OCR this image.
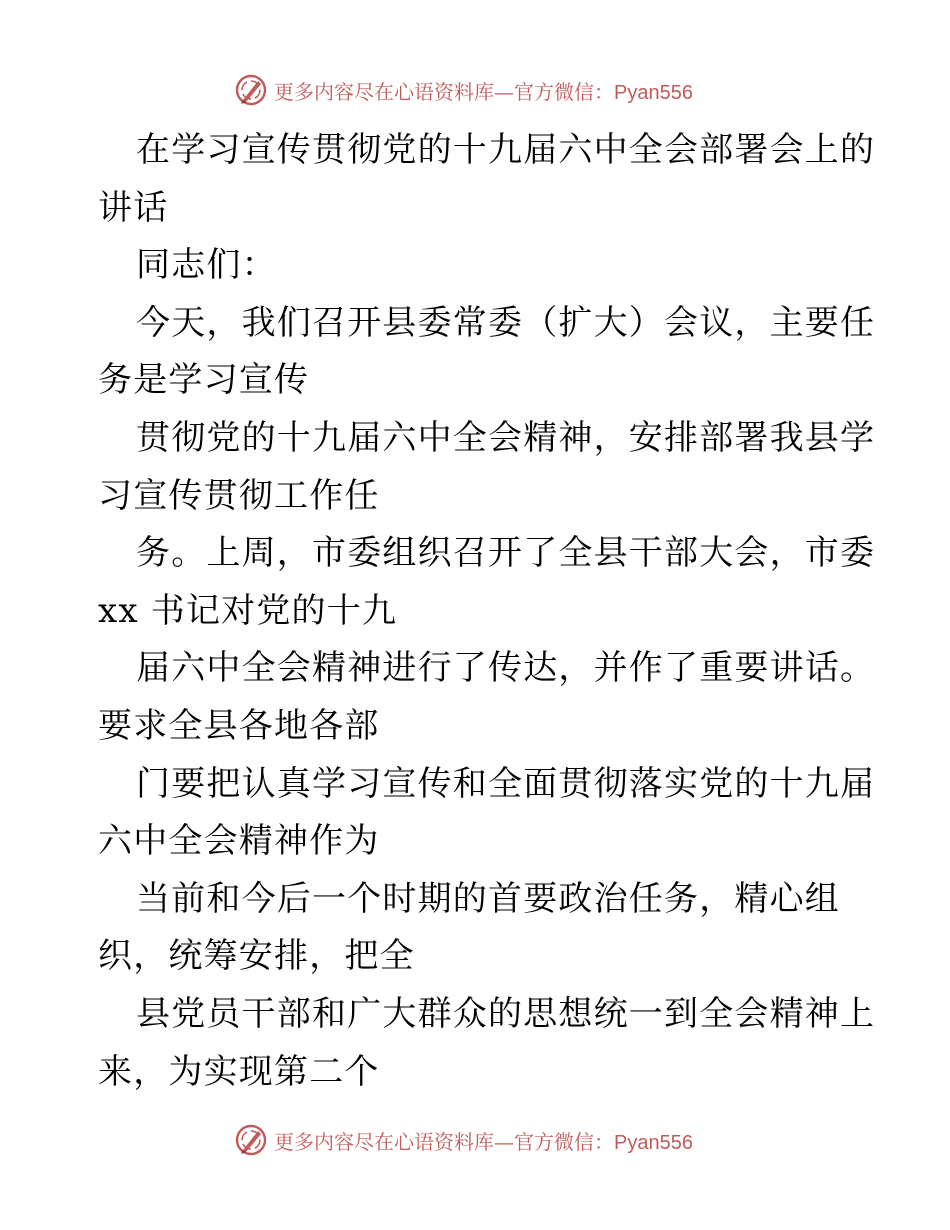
更多内容尽在心语资料库—官方微信：Pyan556
在学习宣传贯彻党的十九届六中全会部署会上的
讲话
同志们：
今天，我们召开县委常委（扩大）会议，主要任
务是学习宣传
贯彻党的十九届六中全会精神，安排部署我县学
习宣传贯彻工作任
务。上周，市委组织召开了全县干部大会，市委
xx 书记对党的十九
届六中全会精神进行了传达，并作了重要讲话。
要求全县各地各部
门要把认真学习宣传和全面贯彻落实党的十九届
六中全会精神作为
当前和今后一个时期的首要政治任务，精心组
织，统筹安排，把全
县党员干部和广大群众的思想统一到全会精神上
来，为实现第二个
更多内容尽在心语资料库—官方微信：Pyan556
